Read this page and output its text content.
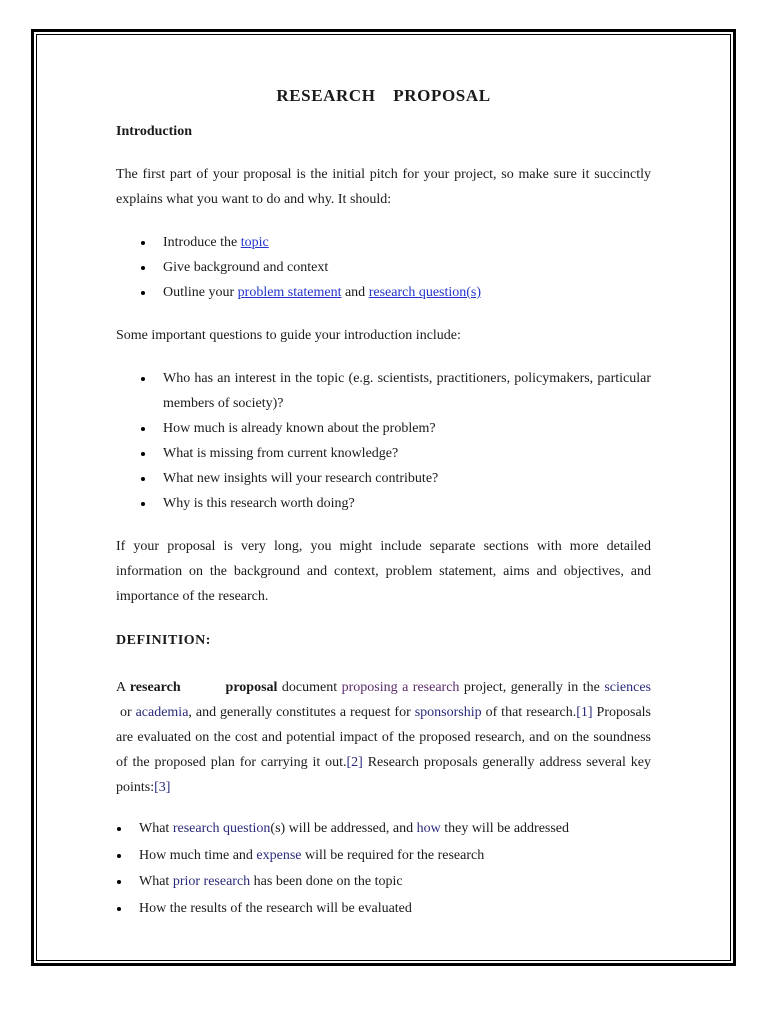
RESEARCH  PROPOSAL
Introduction

The first part of your proposal is the initial pitch for your project, so make sure it succinctly explains what you want to do and why. It should:

Introduce the topic
Give background and context
Outline your problem statement and research question(s)

Some important questions to guide your introduction include:

Who has an interest in the topic (e.g. scientists, practitioners, policymakers, particular members of society)?
How much is already known about the problem?
What is missing from current knowledge?
What new insights will your research contribute?
Why is this research worth doing?

If your proposal is very long, you might include separate sections with more detailed information on the background and context, problem statement, aims and objectives, and importance of the research.

DEFINITION:

A research	proposal document proposing a research project, generally in the sciences or academia, and generally constitutes a request for sponsorship of that research.[1] Proposals are evaluated on the cost and potential impact of the proposed research, and on the soundness of the proposed plan for carrying it out.[2] Research proposals generally address several key points:[3]

What research question(s) will be addressed, and how they will be addressed
How much time and expense will be required for the research
What prior research has been done on the topic
How the results of the research will be evaluated
